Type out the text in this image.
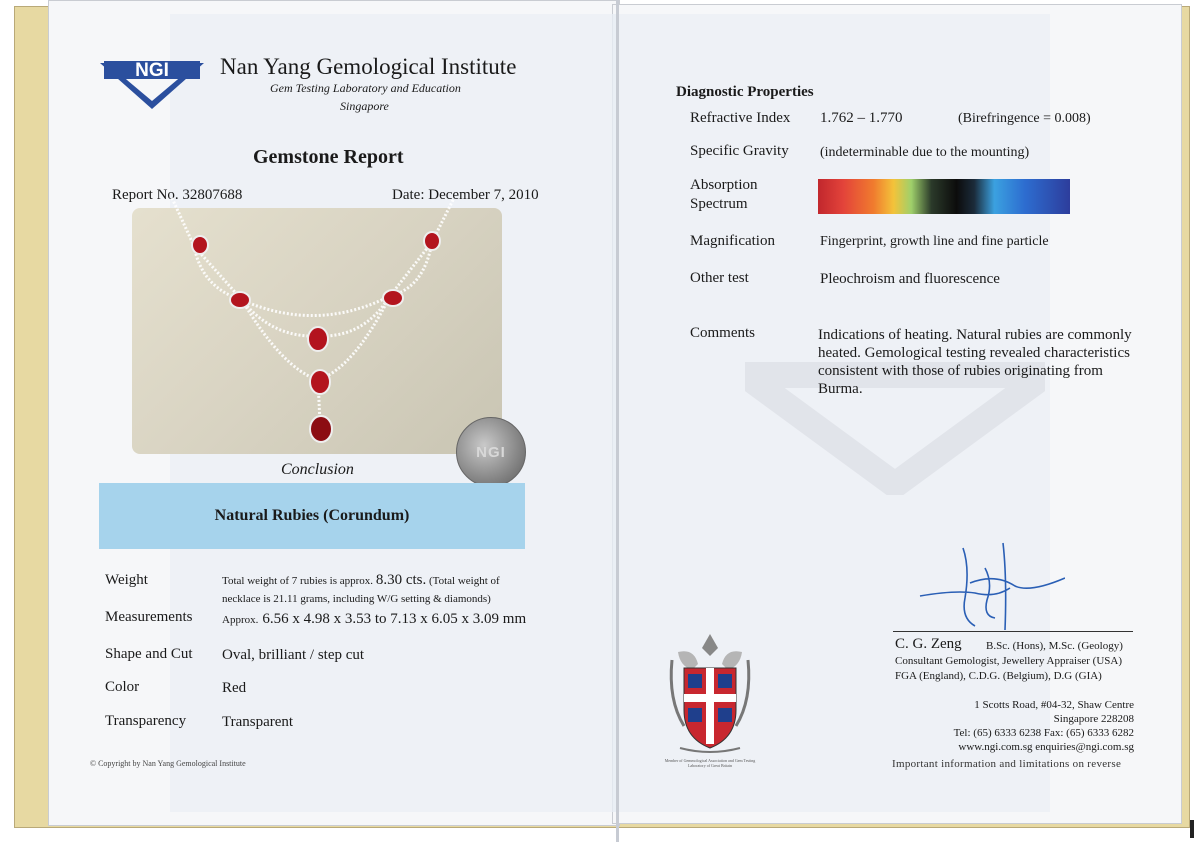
NGI Nan Yang Gemological Institute
Gem Testing Laboratory and Education
Singapore
Gemstone Report
Report No. 32807688	Date: December 7, 2010
NGI
Conclusion
Natural Rubies (Corundum)
Weight	Total weight of 7 rubies is approx. 8.30 cts. (Total weight of
necklace is 21.11 grams, including W/G setting & diamonds)
Measurements	Approx. 6.56 x 4.98 x 3.53 to 7.13 x 6.05 x 3.09 mm
Shape and Cut Oval, brilliant / step cut
Color	Red
Transparency Transparent
© Copyright by Nan Yang Gemological Institute
Diagnostic Properties
Refractive Index 1.762 – 1.770	(Birefringence = 0.008)
Specific Gravity (indeterminable due to the mounting)
Absorption
Spectrum
Magnification	Fingerprint, growth line and fine particle
Other test	Pleochroism and fluorescence
Comments	Indications of heating. Natural rubies are commonly heated. Gemological testing revealed characteristics consistent with those of rubies originating from Burma.
C. G. Zeng B.Sc. (Hons), M.Sc. (Geology)
Consultant Gemologist, Jewellery Appraiser (USA)
FGA (England), C.D.G. (Belgium), D.G (GIA)
Member of Gemmological Association and Gem Testing Laboratory of Great Britain
1 Scotts Road, #04-32, Shaw Centre
Singapore 228208
Tel: (65) 6333 6238 Fax: (65) 6333 6282
www.ngi.com.sg enquiries@ngi.com.sg
Important information and limitations on reverse
